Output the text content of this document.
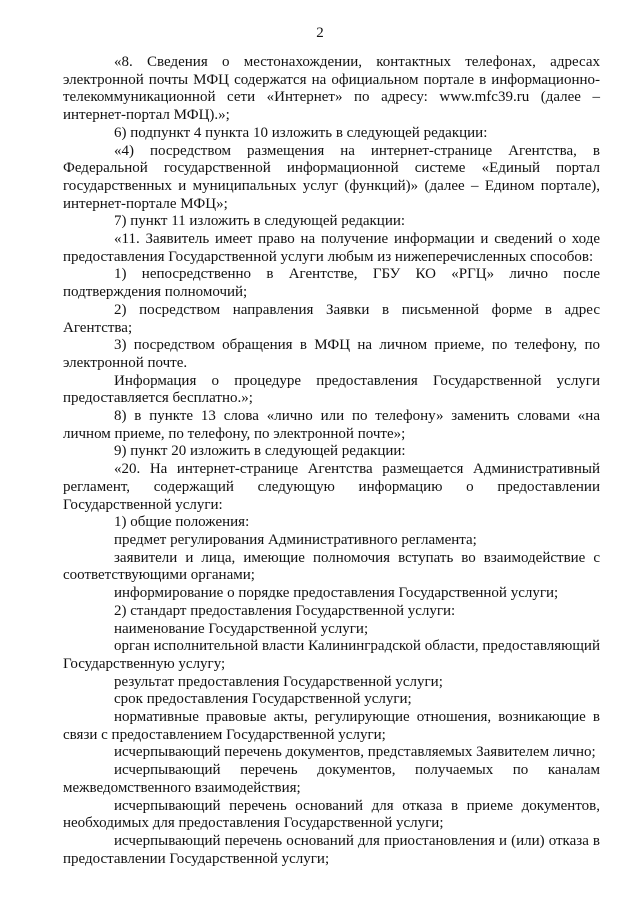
2

«8. Сведения о местонахождении, контактных телефонах, адресах электронной почты МФЦ содержатся на официальном портале в информационно-телекоммуникационной сети «Интернет» по адресу: www.mfc39.ru (далее – интернет-портал МФЦ).»;

6) подпункт 4 пункта 10 изложить в следующей редакции:

«4) посредством размещения на интернет-странице Агентства, в Федеральной государственной информационной системе «Единый портал государственных и муниципальных услуг (функций)» (далее – Едином портале), интернет-портале МФЦ»;

7) пункт 11 изложить в следующей редакции:

«11. Заявитель имеет право на получение информации и сведений о ходе предоставления Государственной услуги любым из нижеперечисленных способов:

1) непосредственно в Агентстве, ГБУ КО «РГЦ» лично после подтверждения полномочий;

2) посредством направления Заявки в письменной форме в адрес Агентства;

3) посредством обращения в МФЦ на личном приеме, по телефону, по электронной почте.

Информация о процедуре предоставления Государственной услуги предоставляется бесплатно.»;

8) в пункте 13 слова «лично или по телефону» заменить словами «на личном приеме, по телефону, по электронной почте»;

9) пункт 20 изложить в следующей редакции:

«20. На интернет-странице Агентства размещается Административный регламент, содержащий следующую информацию о предоставлении Государственной услуги:

1) общие положения:

предмет регулирования Административного регламента;

заявители и лица, имеющие полномочия вступать во взаимодействие с соответствующими органами;

информирование о порядке предоставления Государственной услуги;

2) стандарт предоставления Государственной услуги:

наименование Государственной услуги;

орган исполнительной власти Калининградской области, предоставляющий Государственную услугу;

результат предоставления Государственной услуги;

срок предоставления Государственной услуги;

нормативные правовые акты, регулирующие отношения, возникающие в связи с предоставлением Государственной услуги;

исчерпывающий перечень документов, представляемых Заявителем лично;

исчерпывающий перечень документов, получаемых по каналам межведомственного взаимодействия;

исчерпывающий перечень оснований для отказа в приеме документов, необходимых для предоставления Государственной услуги;

исчерпывающий перечень оснований для приостановления и (или) отказа в предоставлении Государственной услуги;
